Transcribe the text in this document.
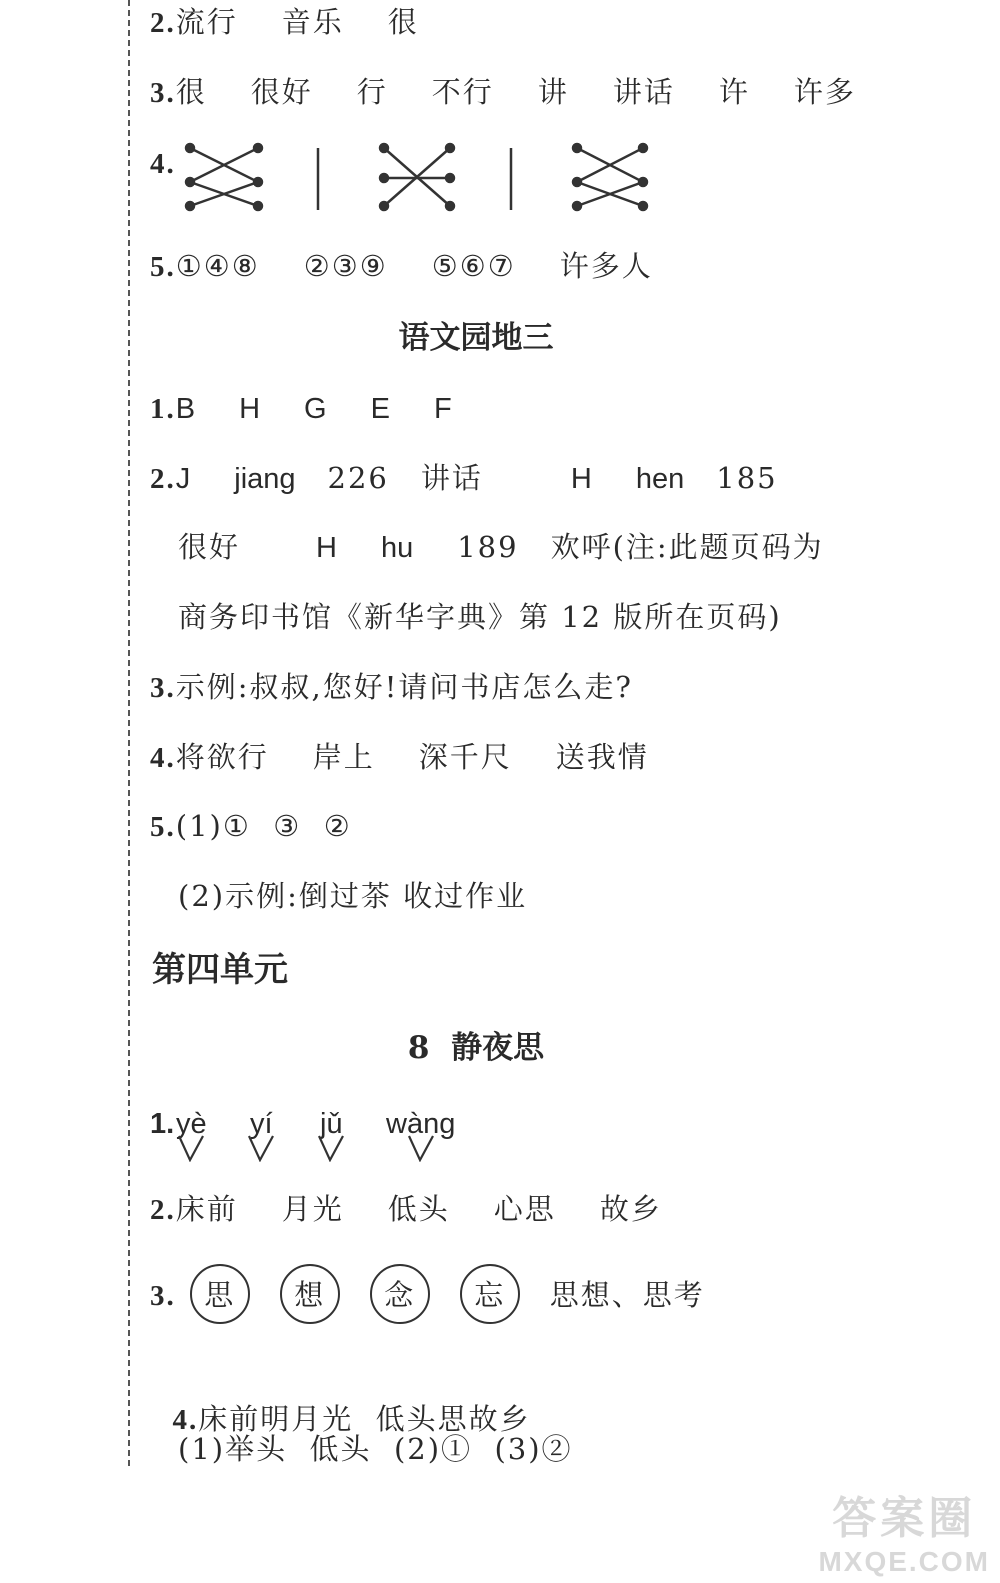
2.流行 音乐 很
3.很 很好 行 不行 讲 讲话 许 许多
4.
5.①④⑧ ②③⑨ ⑤⑥⑦ 许多人
语文园地三
1.B H G E F
2.J jiang 226 讲话	H hen 185
很好	H hu 189 欢呼(注:此题页码为
商务印书馆《新华字典》第 12 版所在页码)
3.示例:叔叔,您好!请问书店怎么走?
4.将欲行 岸上 深千尺 送我情
5.(1)①  ③  ②
(2)示例:倒过茶 收过作业
第四单元
8  静夜思
1. yè yí jǔ wàng
2.床前 月光 低头 心思 故乡
3. 思 想 念 忘 思想、思考

4.床前明月光  低头思故乡

(1)举头  低头  (2)①  (3)②
答案圈
MXQE.COM
